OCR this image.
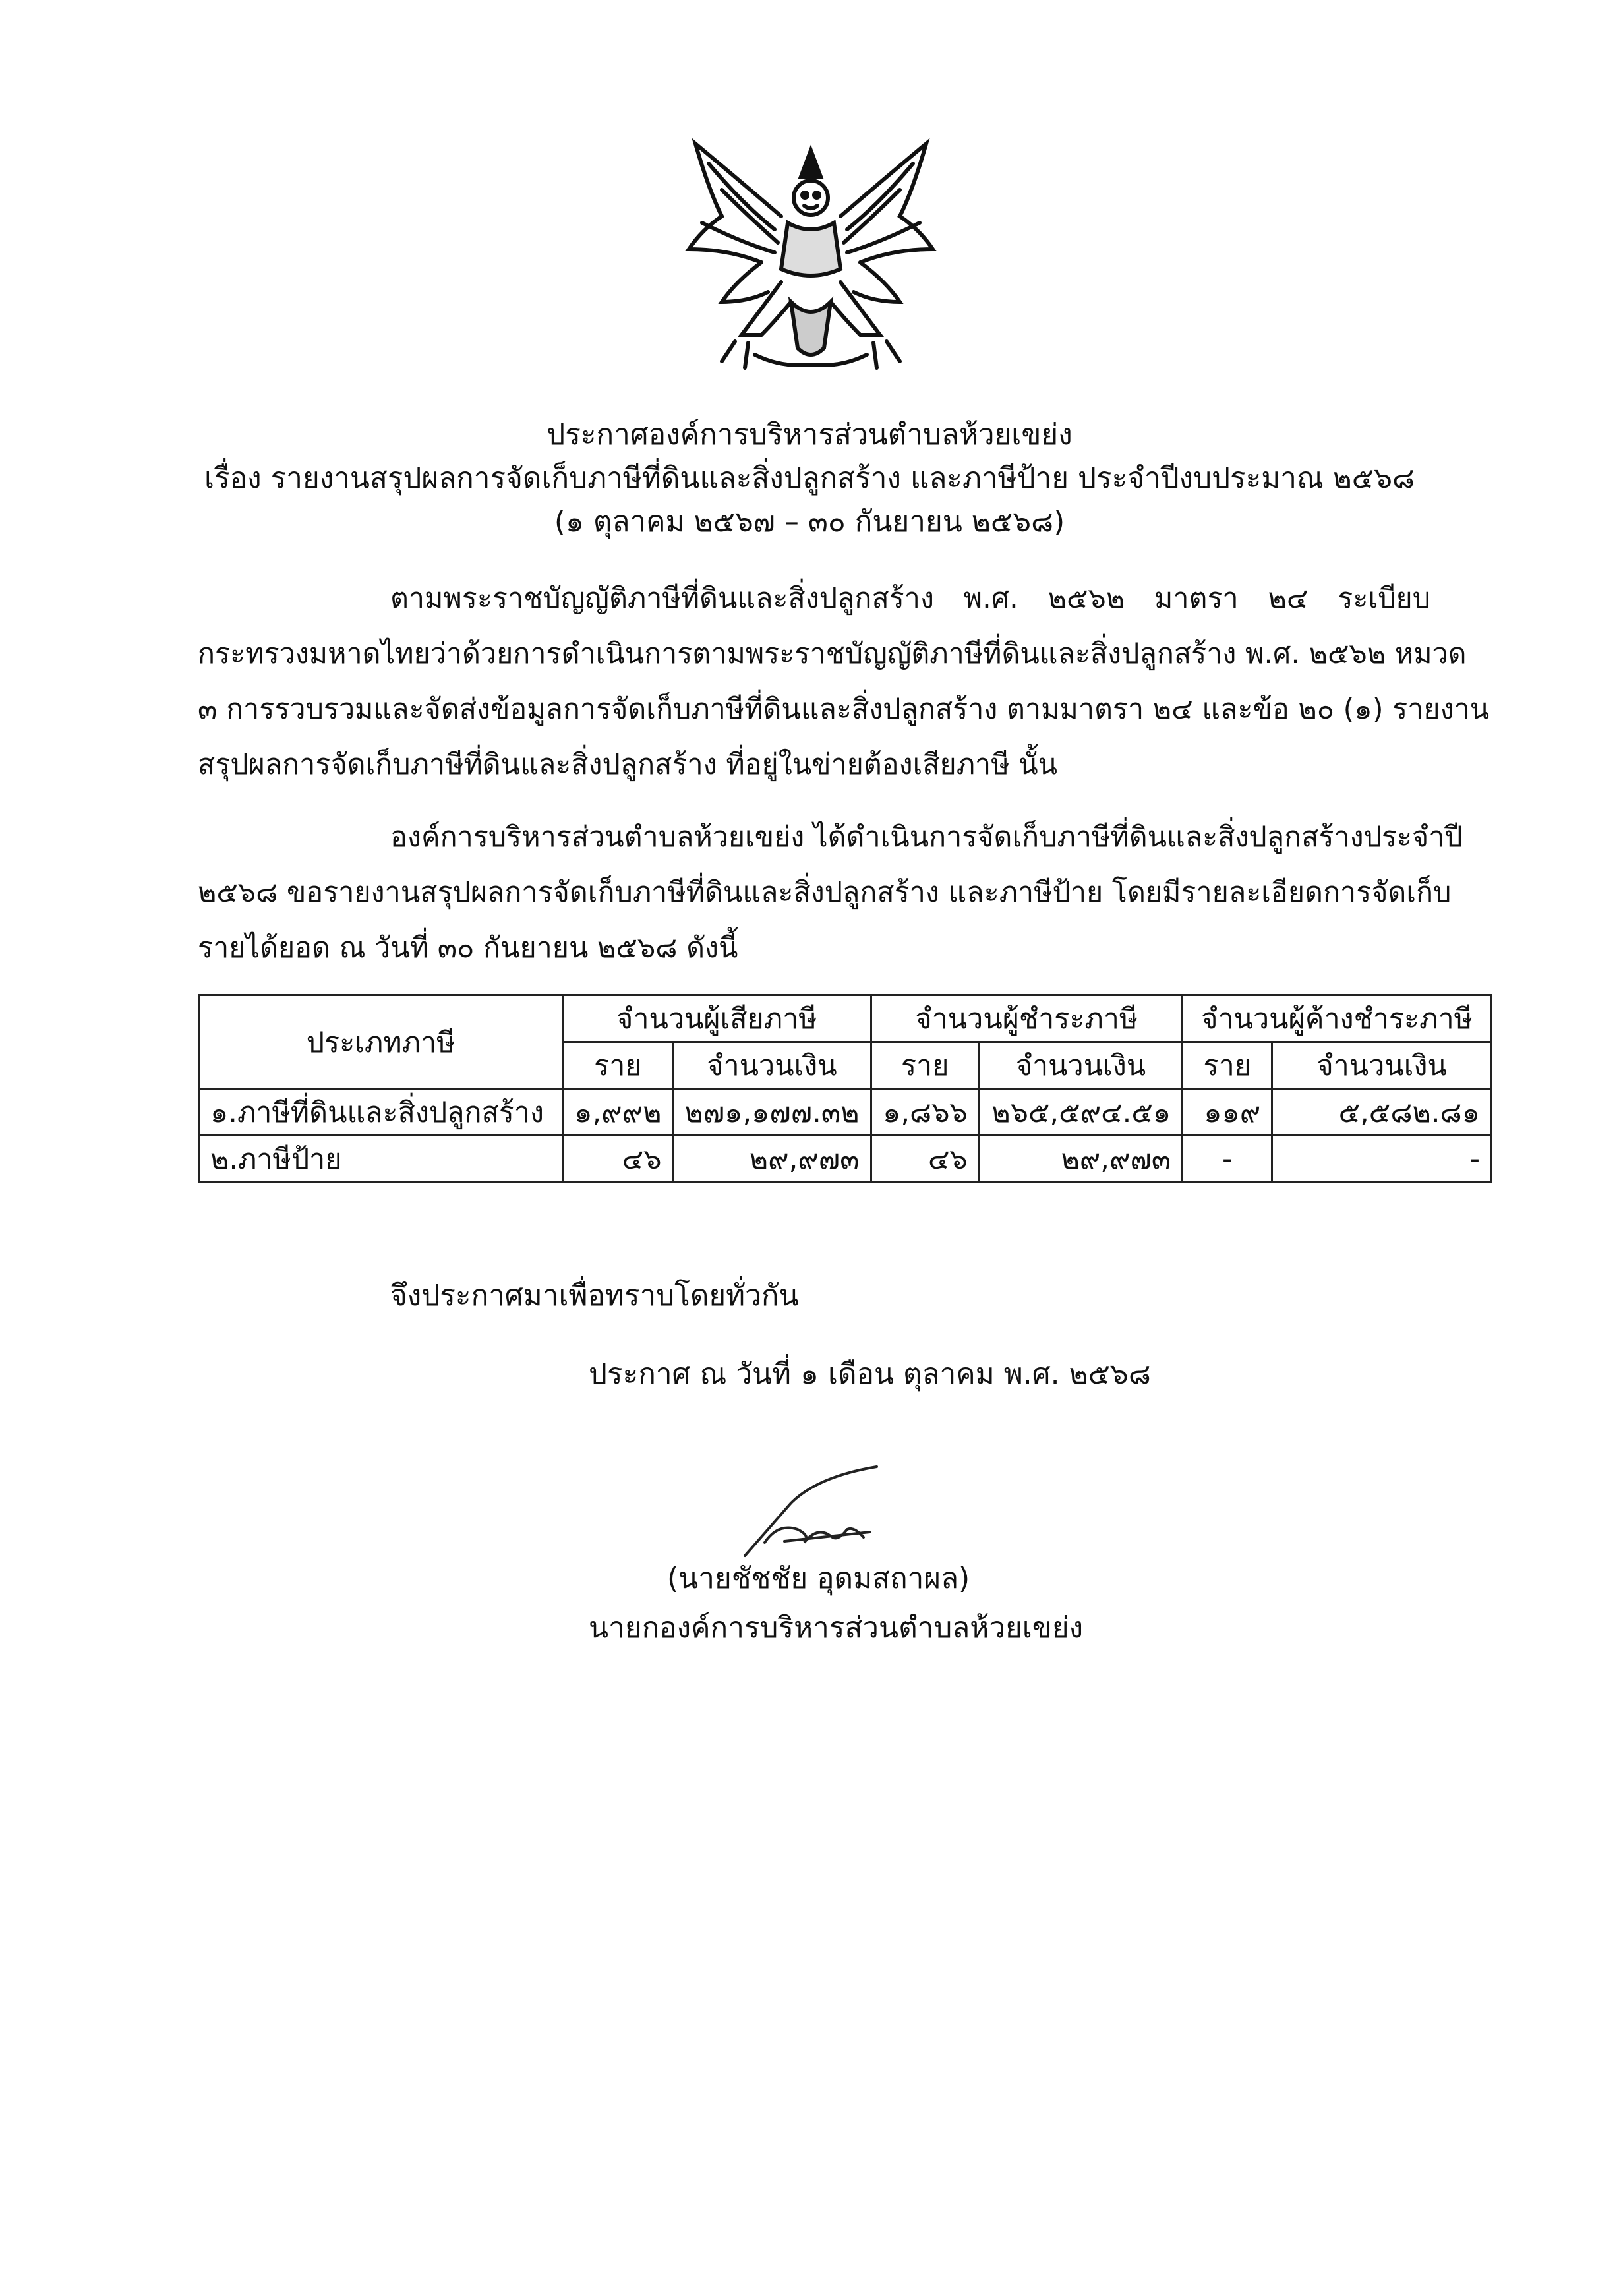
ประกาศองค์การบริหารส่วนตำบลห้วยเขย่ง
เรื่อง รายงานสรุปผลการจัดเก็บภาษีที่ดินและสิ่งปลูกสร้าง และภาษีป้าย ประจำปีงบประมาณ ๒๕๖๘
(๑ ตุลาคม ๒๕๖๗ – ๓๐ กันยายน ๒๕๖๘)
ตามพระราชบัญญัติภาษีที่ดินและสิ่งปลูกสร้าง พ.ศ. ๒๕๖๒ มาตรา ๒๔ ระเบียบ
กระทรวงมหาดไทยว่าด้วยการดำเนินการตามพระราชบัญญัติภาษีที่ดินและสิ่งปลูกสร้าง พ.ศ. ๒๕๖๒ หมวด
๓ การรวบรวมและจัดส่งข้อมูลการจัดเก็บภาษีที่ดินและสิ่งปลูกสร้าง ตามมาตรา ๒๔ และข้อ ๒๐ (๑) รายงาน
สรุปผลการจัดเก็บภาษีที่ดินและสิ่งปลูกสร้าง ที่อยู่ในข่ายต้องเสียภาษี นั้น
องค์การบริหารส่วนตำบลห้วยเขย่ง ได้ดำเนินการจัดเก็บภาษีที่ดินและสิ่งปลูกสร้างประจำปี
๒๕๖๘ ขอรายงานสรุปผลการจัดเก็บภาษีที่ดินและสิ่งปลูกสร้าง และภาษีป้าย โดยมีรายละเอียดการจัดเก็บ
รายได้ยอด ณ วันที่ ๓๐ กันยายน ๒๕๖๘ ดังนี้
ประเภทภาษี	จำนวนผู้เสียภาษี		จำนวนผู้ชำระภาษี		จำนวนผู้ค้างชำระภาษี	
	ราย	จำนวนเงิน	ราย	จำนวนเงิน	ราย	จำนวนเงิน
๑.ภาษีที่ดินและสิ่งปลูกสร้าง	๑,๙๙๒	๒๗๑,๑๗๗.๓๒	๑,๘๖๖	๒๖๕,๕๙๔.๕๑	๑๑๙	๕,๕๘๒.๘๑
๒.ภาษีป้าย	๔๖	๒๙,๙๗๓	๔๖	๒๙,๙๗๓	-	-
จึงประกาศมาเพื่อทราบโดยทั่วกัน
ประกาศ ณ วันที่ ๑ เดือน ตุลาคม พ.ศ. ๒๕๖๘
(นายชัชชัย อุดมสถาผล)
นายกองค์การบริหารส่วนตำบลห้วยเขย่ง
